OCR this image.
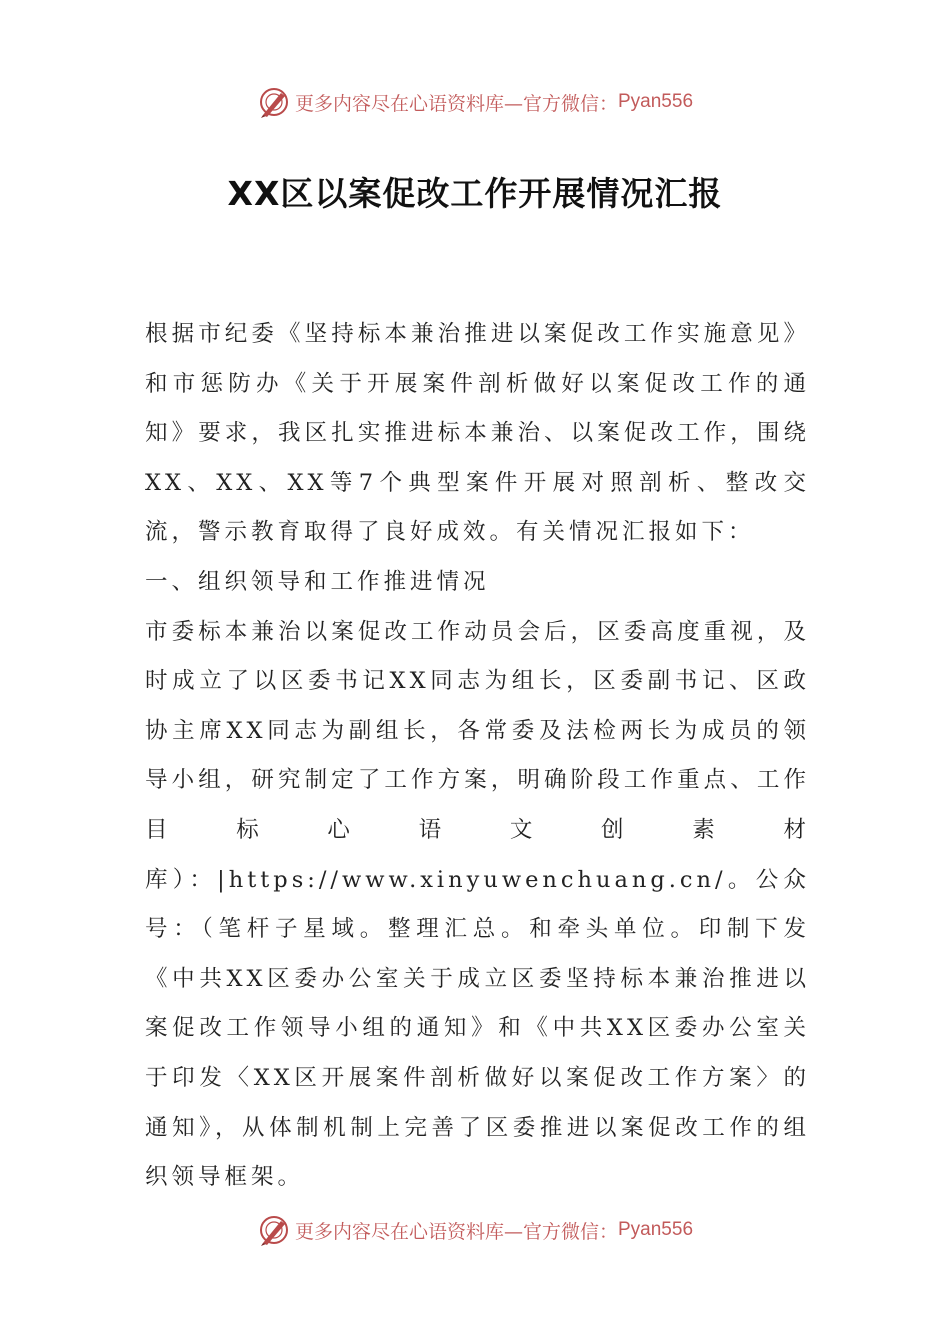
更多内容尽在心语资料库—官方微信： Pyan556
XX区以案促改工作开展情况汇报

根据市纪委《坚持标本兼治推进以案促改工作实施意见》和市惩防办《关于开展案件剖析做好以案促改工作的通知》要求，我区扎实推进标本兼治、以案促改工作，围绕XX、XX、XX等7个典型案件开展对照剖析、整改交流，警示教育取得了良好成效。有关情况汇报如下：

一、组织领导和工作推进情况

市委标本兼治以案促改工作动员会后，区委高度重视，及时成立了以区委书记XX同志为组长，区委副书记、区政协主席XX同志为副组长，各常委及法检两长为成员的领导小组，研究制定了工作方案，明确阶段工作重点、工作目标心语文创素材库）：|https://www.xinyuwenchuang.cn/。公众号：（笔杆子星域。整理汇总。和牵头单位。印制下发《中共XX区委办公室关于成立区委坚持标本兼治推进以案促改工作领导小组的通知》和《中共XX区委办公室关于印发〈XX区开展案件剖析做好以案促改工作方案〉的通知》，从体制机制上完善了区委推进以案促改工作的组织领导框架。

更多内容尽在心语资料库—官方微信： Pyan556
